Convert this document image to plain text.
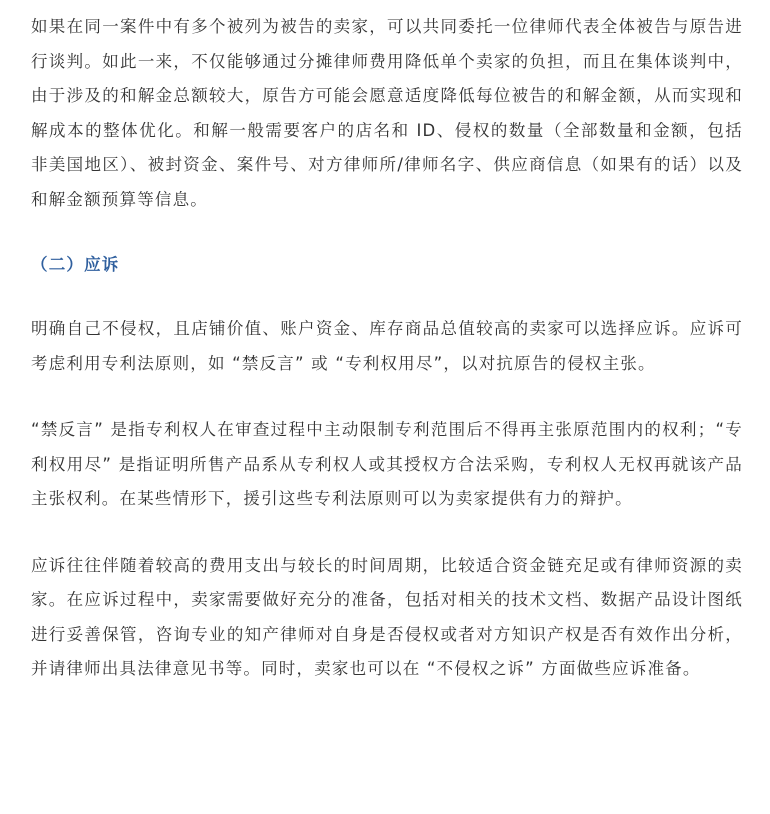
如果在同一案件中有多个被列为被告的卖家，可以共同委托一位律师代表全体被告与原告进行谈判。如此一来，不仅能够通过分摊律师费用降低单个卖家的负担，而且在集体谈判中，由于涉及的和解金总额较大，原告方可能会愿意适度降低每位被告的和解金额，从而实现和解成本的整体优化。和解一般需要客户的店名和 ID、侵权的数量（全部数量和金额，包括非美国地区）、被封资金、案件号、对方律师所/律师名字、供应商信息（如果有的话）以及和解金额预算等信息。

（二）应诉

明确自己不侵权，且店铺价值、账户资金、库存商品总值较高的卖家可以选择应诉。应诉可考虑利用专利法原则，如 “禁反言” 或 “专利权用尽”，以对抗原告的侵权主张。

“禁反言” 是指专利权人在审查过程中主动限制专利范围后不得再主张原范围内的权利；“专利权用尽” 是指证明所售产品系从专利权人或其授权方合法采购，专利权人无权再就该产品主张权利。在某些情形下，援引这些专利法原则可以为卖家提供有力的辩护。

应诉往往伴随着较高的费用支出与较长的时间周期，比较适合资金链充足或有律师资源的卖家。在应诉过程中，卖家需要做好充分的准备，包括对相关的技术文档、数据产品设计图纸进行妥善保管，咨询专业的知产律师对自身是否侵权或者对方知识产权是否有效作出分析，并请律师出具法律意见书等。同时，卖家也可以在 “不侵权之诉” 方面做些应诉准备。
